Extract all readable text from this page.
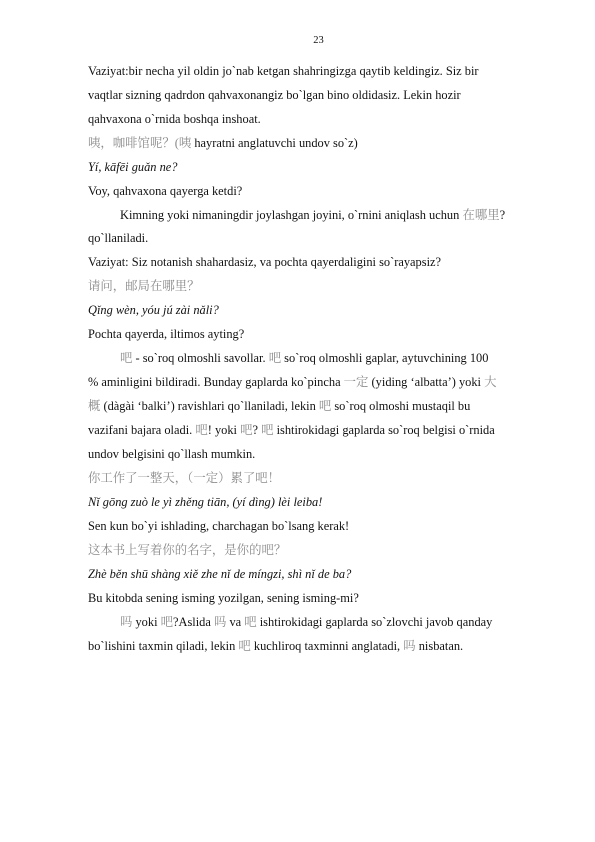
23

Vaziyat:bir necha yil oldin jo`nab ketgan shahringizga qaytib keldingiz. Siz bir

vaqtlar sizning qadrdon qahvaxonangiz bo`lgan bino oldidasiz. Lekin hozir

qahvaxona o`rnida boshqa inshoat.

咦，咖啡馆呢？(咦 hayratni anglatuvchi undov so`z)

Yí, kāfēi guǎn ne?

Voy, qahvaxona qayerga ketdi?

Kimning yoki nimaningdir joylashgan joyini, o`rnini aniqlash uchun 在哪里?

qo`llaniladi.

Vaziyat: Siz notanish shahardasiz, va pochta qayerdaligini so`rayapsiz?

请问，邮局在哪里？

Qǐng wèn, yóu jú zài nǎli?

Pochta qayerda, iltimos ayting?

吧 - so`roq olmoshli savollar. 吧 so`roq olmoshli gaplar, aytuvchining 100

% aminligini bildiradi. Bunday gaplarda ko`pincha 一定 (yiding ‘albatta’) yoki 大

概 (dàgài ‘balki’) ravishlari qo`llaniladi, lekin 吧 so`roq olmoshi mustaqil bu

vazifani bajara oladi. 吧! yoki 吧? 吧 ishtirokidagi gaplarda so`roq belgisi o`rnida

undov belgisini qo`llash mumkin.

你工作了一整天，（一定）累了吧！

Nǐ gōng zuò le yì zhěng tiān, (yí dìng) lèi leiba!

Sen kun bo`yi ishlading, charchagan bo`lsang kerak!

这本书上写着你的名字，是你的吧？

Zhè běn shū shàng xiě zhe nǐ de míngzi, shì nǐ de ba?

Bu kitobda sening isming yozilgan, sening isming-mi?

吗 yoki 吧?Aslida 吗 va 吧 ishtirokidagi gaplarda so`zlovchi javob qanday

bo`lishini taxmin qiladi, lekin 吧 kuchliroq taxminni anglatadi, 吗 nisbatan.
